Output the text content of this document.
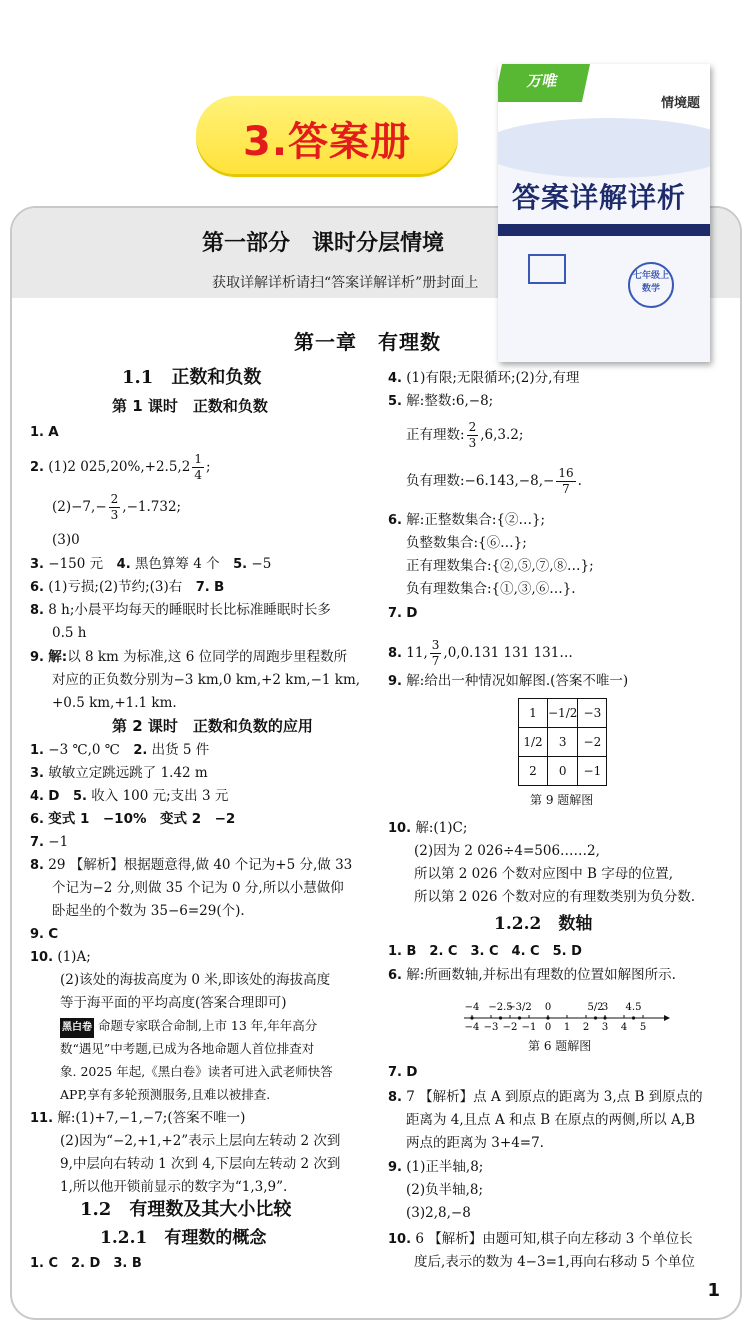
3.答案册
第一部分　课时分层情境
获取详解详析请扫“答案详解详析”册封面上
第一章　有理数
1.1　正数和负数
第 1 课时　正数和负数
1. A
2. (1)2 $025,20\%,+2.5,2 \frac{1}{4}$ ;
$(2)-7,- \frac{2}{3} ,-1.732$;
(3)0
3. −150 元　 4. 黑色算筹 4 个　 5. −5
6. (1)亏损;(2)节约;(3)右　 7. B
8. 8 h;小晨平均每天的睡眠时长比标准睡眠时长多
0.5 h
9. 解:以 8 km 为标准,这 6 位同学的周跑步里程数所
对应的正负数分别为−3 km,0 km,+2 km,−1 km,
+0.5 km,+1.1 km.
第 2 课时　正数和负数的应用
1. −3 ℃,0 ℃　 2. 出货 5 件
3. 敏敏立定跳远跳了 1.42 m
4. D　 5. 收入 100 元;支出 3 元
6. 变式 1　−10%　 变式 2　−2
7. −1
8. 29 【解析】根据题意得,做 40 个记为+5 分,做 33
个记为−2 分,则做 35 个记为 0 分,所以小慧做仰
卧起坐的个数为 35−6=29(个).
9. C
10. (1)A;
(2)该处的海拔高度为 0 米,即该处的海拔高度
等于海平面的平均高度(答案合理即可)
黑白卷 命题专家联合命制,上市 13 年,年年高分
数“遇见”中考题,已成为各地命题人首位排查对
象. 2025 年起,《黑白卷》读者可进入武老师快答
APP,享有多轮预测服务,且难以被排查.
11. 解:(1)+7,−1,−7;(答案不唯一)
(2)因为“−2,+1,+2”表示上层向左转动 2 次到
9,中层向右转动 1 次到 4,下层向左转动 2 次到
1,所以他开锁前显示的数字为“1,3,9”.
1.2　有理数及其大小比较
1.2.1　有理数的概念
1. C　2. D　3. B
4. (1)有限;无限循环;(2)分,有理
5. 解:整数:6,−8;
正有理数: $\frac{2}{3} ,6,3.2$;
负有理数:−6.143,−8,− $\frac{16}{7}$ .
6. 解:正整数集合:{②…};
负整数集合:{⑥…};
正有理数集合:{②,⑤,⑦,⑧…};
负有理数集合:{①,③,⑥…}.
7. D
8. 11, $\frac{3}{7} ,0,0.131$ 131 131…
9. 解:给出一种情况如解图.(答案不唯一)
1	−1/2	−3
1/2	3	−2
2	0	−1
第 9 题解图
10. 解:(1)C;
(2)因为 2 026÷4=506……2,
所以第 2 026 个数对应图中 B 字母的位置,
所以第 2 026 个数对应的有理数类别为负分数.
1.2.2　数轴
1. B　2. C　3. C　4. C　5. D
6. 解:所画数轴,并标出有理数的位置如解图所示.
−4 −2.5
−3/2 0	5/2
3 4.5
−4 −3 −2 −1 0 1 2 3 4 5
第 6 题解图
7. D
8. 7 【解析】点 A 到原点的距离为 3,点 B 到原点的
距离为 4,且点 A 和点 B 在原点的两侧,所以 A,B
两点的距离为 3+4=7.
9. (1)正半轴,8;
(2)负半轴,8;
(3)2,8,−8
10. 6 【解析】由题可知,棋子向左移动 3 个单位长
度后,表示的数为 4−3=1,再向右移动 5 个单位
1
万唯
情境题
答案详解详析
七年级上
数学
